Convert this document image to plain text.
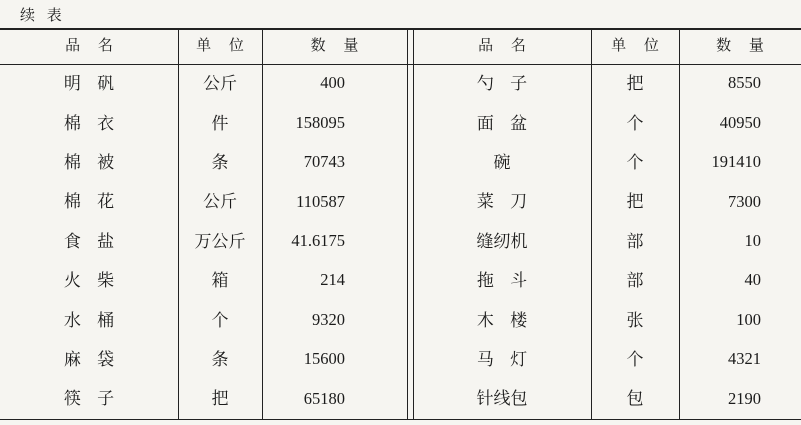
续 表
品 名	单 位	数 量	品 名	单 位	数 量
明 矾	公斤	400	勺 子	把	8550
棉 衣	件	158095	面 盆	个	40950
棉 被	条	70743	碗	个	191410
棉 花	公斤	110587	菜 刀	把	7300
食 盐	万公斤	41.6175	缝纫机	部	10
火 柴	箱	214	拖 斗	部	40
水 桶	个	9320	木 楼	张	100
麻 袋	条	15600	马 灯	个	4321
筷 子	把	65180	针线包	包	2190
